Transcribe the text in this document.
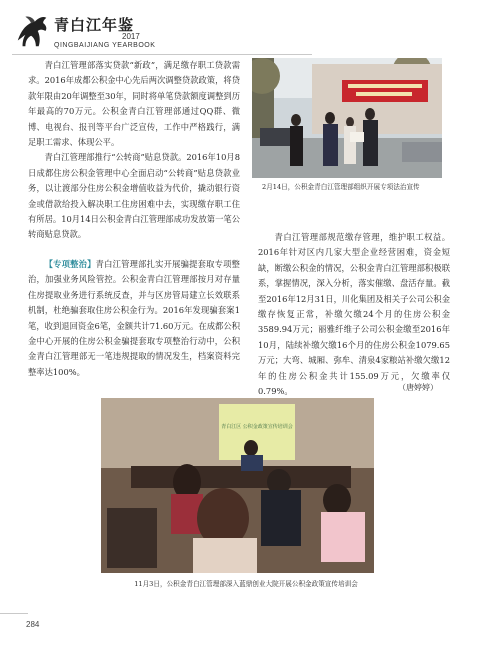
青白江年鉴
2017
QINGBAIJIANG YEARBOOK

青白江管理部落实贷款“新政”，满足缴存职工贷款需求。2016年成都公积金中心先后两次调整贷款政策，将贷款年限由20年调整至30年，同时将单笔贷款额度调整到历年最高的70万元。公积金青白江管理部通过QQ群、微博、电视台、报刊等平台广泛宣传，工作中严格践行，满足职工需求、体现公平。

青白江管理部推行“公转商”贴息贷款。2016年10月8日成都住房公积金管理中心全面启动“公转商”贴息贷款业务，以让渡部分住房公积金增值收益为代价，撬动银行资金或借款给投入解决职工住房困难中去，实现缴存职工住有所居。10月14日公积金青白江管理部成功发放第一笔公转商贴息贷款。

【专项整治】青白江管理部扎实开展骗提套取专项整治，加强业务风险管控。公积金青白江管理部按月对存量住房提取业务进行系统反查，并与区房管局建立长效联系机制，杜绝骗套取住房公积金行为。2016年发现骗套案1笔，收到退回资金6笔，金额共计71.60万元。在成都公积金中心开展的住房公积金骗提套取专项整治行动中，公积金青白江管理部无一笔违规提取的情况发生，档案资料完整率达100%。

2月14日，公积金青白江管理部组织开展专项法治宣传

青白江管理部规范缴存管理，维护职工权益。2016年针对区内几家大型企业经营困难，资金短缺，断缴公积金的情况，公积金青白江管理部积极联系，掌握情况，深入分析，落实催缴、盘活存量。截至2016年12月31日，川化集团及相关子公司公积金缴存恢复正常，补缴欠缴24个月的住房公积金3589.94万元；丽雅纤维子公司公积金缴至2016年10月，陆续补缴欠缴16个月的住房公积金1079.65万元；大弯、城厢、弥牟、清泉4家粮站补缴欠缴12年的住房公积金共计155.09万元，欠缴率仅0.79%。	（唐婷婷）
青白江区 公积金政策宣传培训会
11月3日，公积金青白江管理部深入蓝鼎创业大院开展公积金政策宣传培训会
284
